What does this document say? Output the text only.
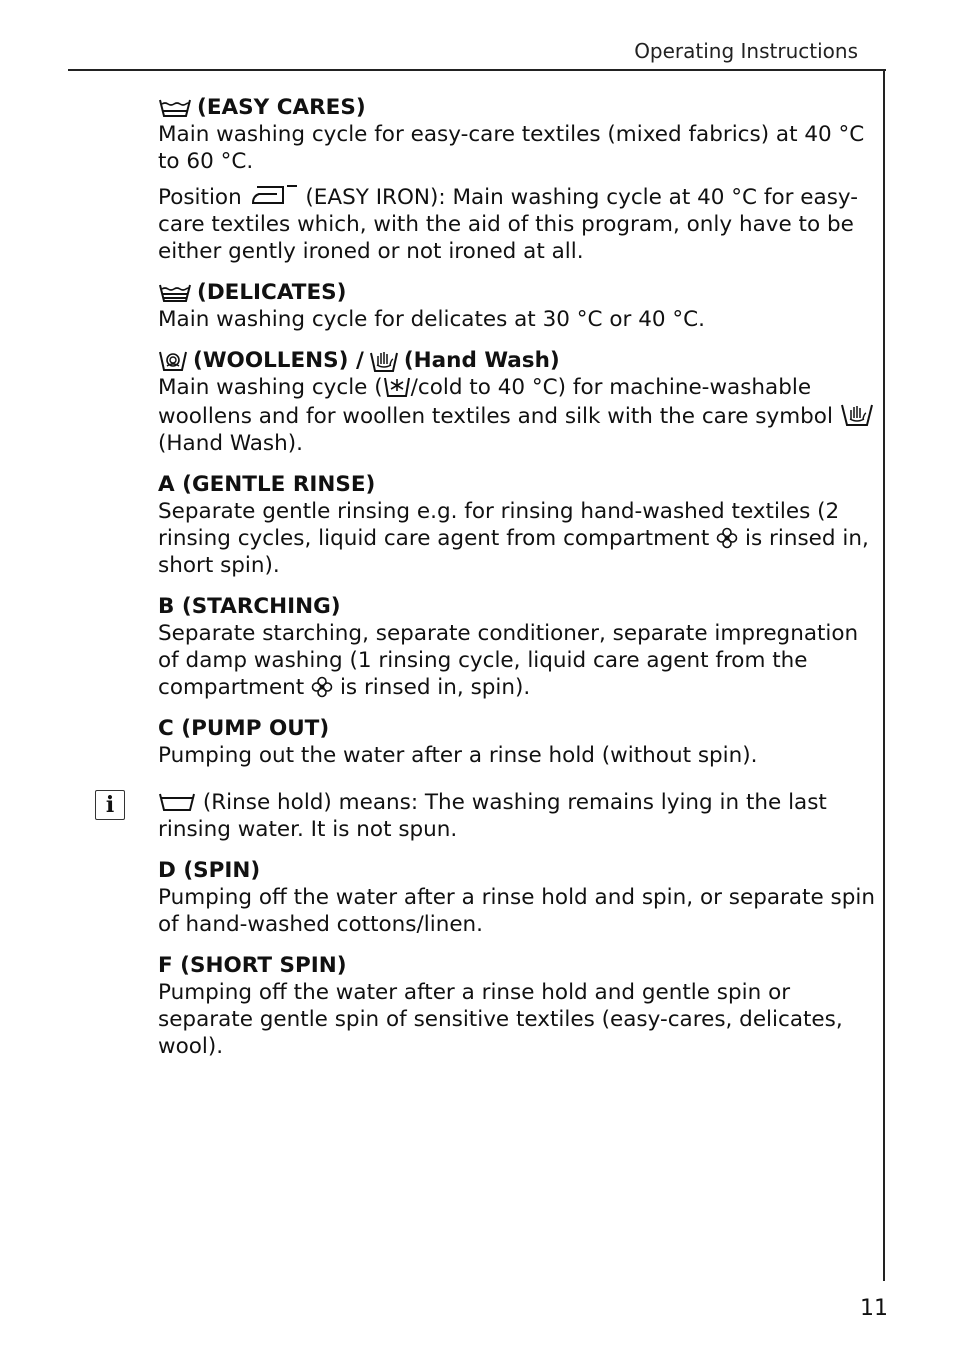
Operating Instructions
(EASY CARES)

Main washing cycle for easy-care textiles (mixed fabrics) at 40 °C to 60 °C.

Position	(EASY IRON): Main washing cycle at 40 °C for easy-care textiles which, with the aid of this program, only have to be either gently ironed or not ironed at all.

(DELICATES)

Main washing cycle for delicates at 30 °C or 40 °C.

(WOOLLENS) / (Hand Wash)

Main washing cycle ( /cold to 40 °C) for machine-washable woollens and for woollen textiles and silk with the care symbol
(Hand Wash).

A (GENTLE RINSE)

Separate gentle rinsing e.g. for rinsing hand-washed textiles (2 rinsing cycles, liquid care agent from compartment is rinsed in, short spin).

B (STARCHING)

Separate starching, separate conditioner, separate impregnation of damp washing (1 rinsing cycle, liquid care agent from the compartment is rinsed in, spin).

C (PUMP OUT)

Pumping out the water after a rinse hold (without spin).

i	(Rinse hold) means: The washing remains lying in the last rinsing water. It is not spun.

D (SPIN)

Pumping off the water after a rinse hold and spin, or separate spin of hand-washed cottons/linen.

F (SHORT SPIN)

Pumping off the water after a rinse hold and gentle spin or separate gentle spin of sensitive textiles (easy-cares, delicates, wool).

11
